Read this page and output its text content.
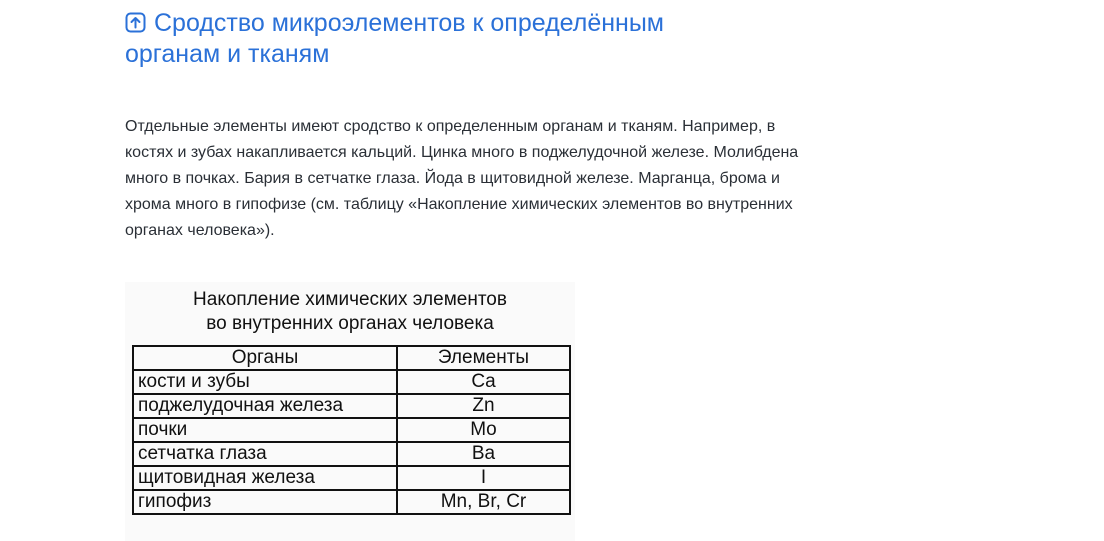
Сродство микроэлементов к определённым органам и тканям

Отдельные элементы имеют сродство к определенным органам и тканям. Например, в костях и зубах накапливается кальций. Цинка много в поджелудочной железе. Молибдена много в почках. Бария в сетчатке глаза. Йода в щитовидной железе. Марганца, брома и хрома много в гипофизе (см. таблицу «Накопление химических элементов во внутренних органах человека»).

Накопление химических элементов
во внутренних органах человека
Органы	Элементы
кости и зубы	Ca
поджелудочная железа	Zn
почки	Mo
сетчатка глаза	Ba
щитовидная железа	I
гипофиз	Mn, Br, Cr
